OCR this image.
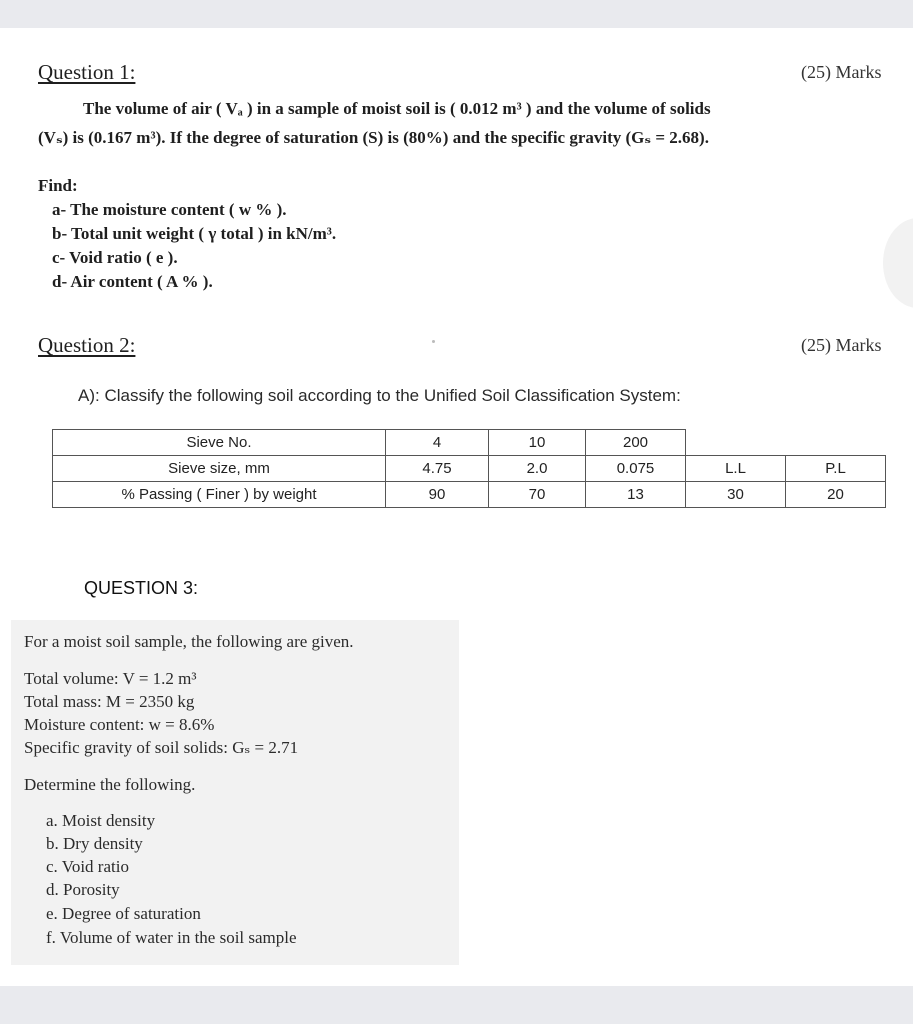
Question 1:	(25) Marks
The volume of air ( Vₐ ) in a sample of moist soil is ( 0.012 m³ ) and the volume of solids
(Vₛ) is (0.167 m³). If the degree of saturation (S) is (80%) and the specific gravity (Gₛ = 2.68).
Find:
a- The moisture content ( w % ).
b- Total unit weight ( γ total ) in kN/m³.
c- Void ratio ( e ).
d- Air content ( A % ).
Question 2:	(25) Marks
A): Classify the following soil according to the Unified Soil Classification System:
Sieve No.	4	10	200		
Sieve size, mm	4.75	2.0	0.075	L.L	P.L
% Passing ( Finer ) by weight	90	70	13	30	20
QUESTION 3:
For a moist soil sample, the following are given.
Total volume: V = 1.2 m³
Total mass: M = 2350 kg
Moisture content: w = 8.6%
Specific gravity of soil solids: Gₛ = 2.71
Determine the following.
a. Moist density
b. Dry density
c. Void ratio
d. Porosity
e. Degree of saturation
f. Volume of water in the soil sample
